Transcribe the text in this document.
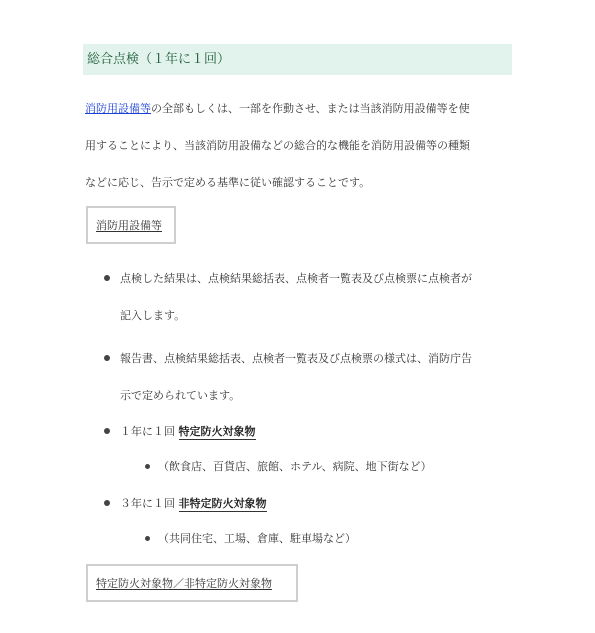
総合点検（１年に１回）
消防用設備等の全部もしくは、一部を作動させ、または当該消防用設備等を使
用することにより、当該消防用設備などの総合的な機能を消防用設備等の種類
などに応じ、告示で定める基準に従い確認することです。
消防用設備等
点検した結果は、点検結果総括表、点検者一覧表及び点検票に点検者が
記入します。
報告書、点検結果総括表、点検者一覧表及び点検票の様式は、消防庁告
示で定められています。
１年に１回 特定防火対象物
（飲食店、百貨店、旅館、ホテル、病院、地下街など）
３年に１回 非特定防火対象物
（共同住宅、工場、倉庫、駐車場など）
特定防火対象物／非特定防火対象物
